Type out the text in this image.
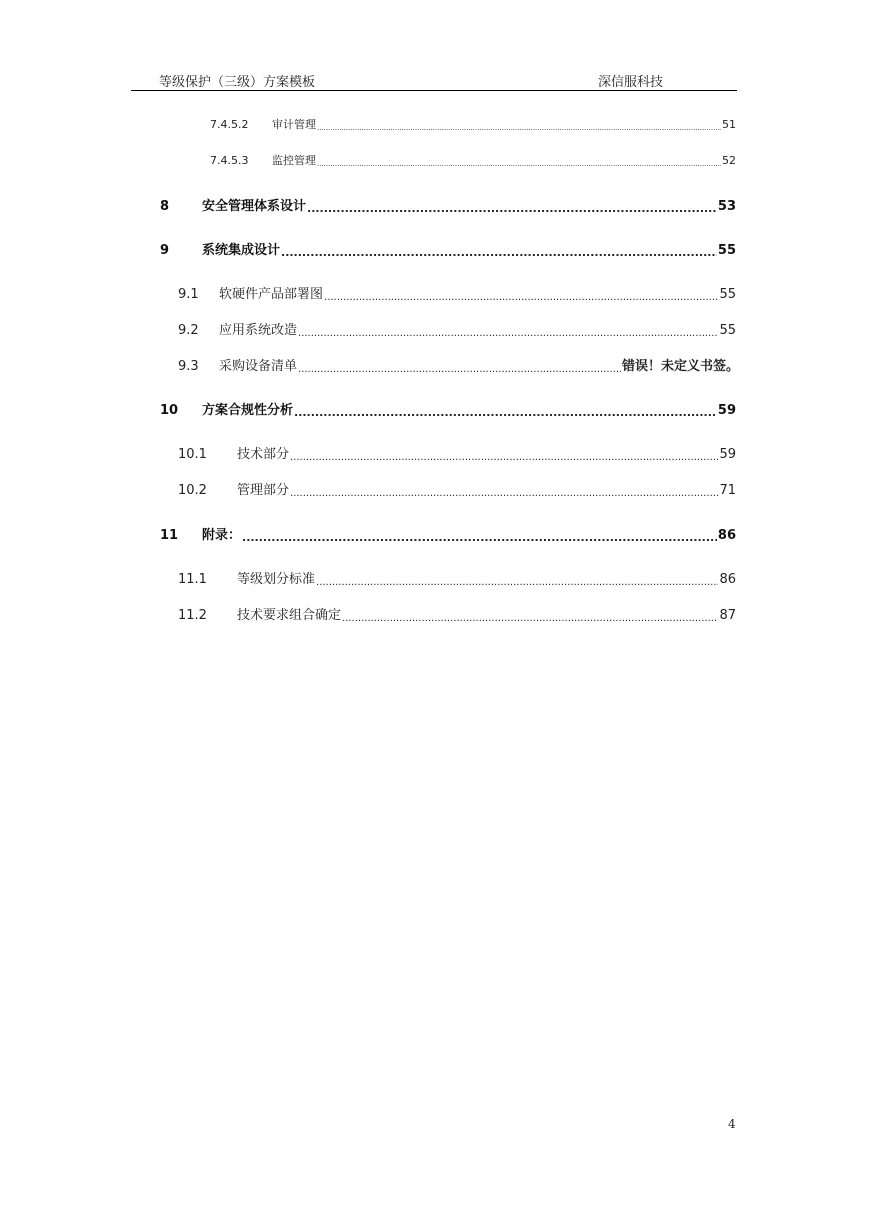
等级保护（三级）方案模板	深信服科技
7.4.5.2	审计管理 .....	51
7.4.5.3	监控管理 .....	52
8	安全管理体系设计 .....	53
9	系统集成设计 .....	55
9.1	软硬件产品部署图 .....	55
9.2	应用系统改造 .....	55
9.3	采购设备清单 .....	错误！未定义书签。
10	方案合规性分析 .....	59
10.1	技术部分 .....	59
10.2	管理部分 .....	71
11	附录： .....	86
11.1	等级划分标准 .....	86
11.2	技术要求组合确定 .....	87
4
